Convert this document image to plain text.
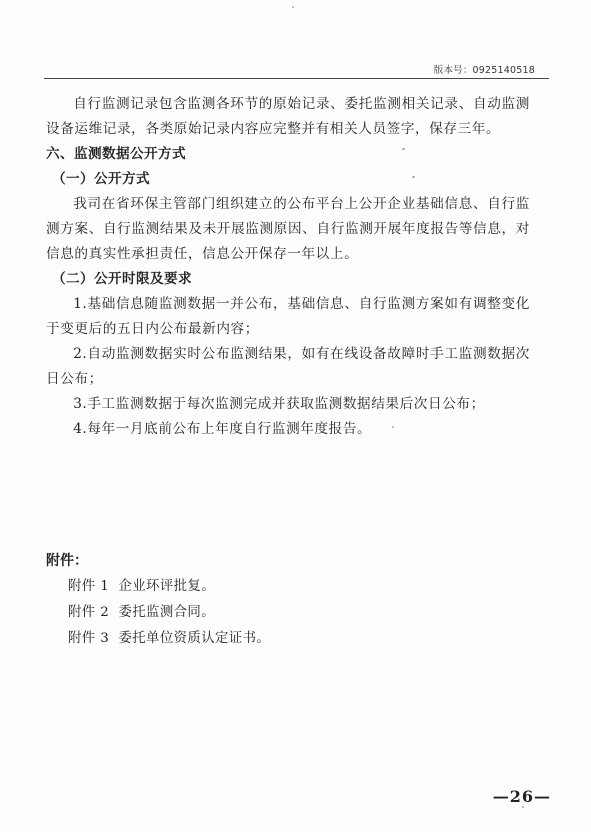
版本号：0925140518

自行监测记录包含监测各环节的原始记录、委托监测相关记录、自动监测设备运维记录，各类原始记录内容应完整并有相关人员签字，保存三年。

六、监测数据公开方式

（一）公开方式

我司在省环保主管部门组织建立的公布平台上公开企业基础信息、自行监测方案、自行监测结果及未开展监测原因、自行监测开展年度报告等信息，对信息的真实性承担责任，信息公开保存一年以上。

（二）公开时限及要求

1.基础信息随监测数据一并公布，基础信息、自行监测方案如有调整变化于变更后的五日内公布最新内容；

2.自动监测数据实时公布监测结果，如有在线设备故障时手工监测数据次日公布；

3.手工监测数据于每次监测完成并获取监测数据结果后次日公布；

4.每年一月底前公布上年度自行监测年度报告。

附件：

附件 1  企业环评批复。

附件 2  委托监测合同。

附件 3  委托单位资质认定证书。

—26—
